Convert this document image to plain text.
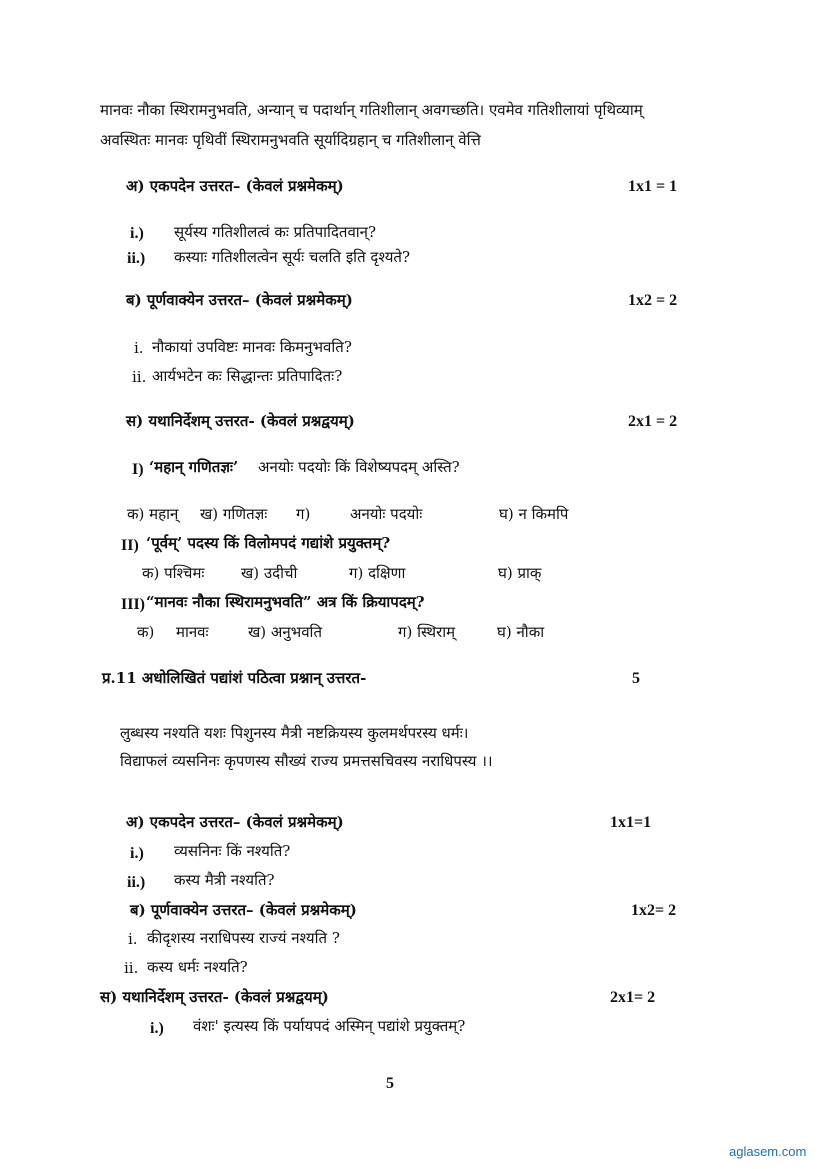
मानवः नौका स्थिरामनुभवति, अन्यान् च पदार्थान् गतिशीलान् अवगच्छति। एवमेव गतिशीलायां पृथिव्याम्
अवस्थितः मानवः पृथिवीं स्थिरामनुभवति सूर्यादिग्रहान् च गतिशीलान् वेत्ति
अ) एकपदेन उत्तरत– (केवलं प्रश्नमेकम्)	1x1 = 1
i.) सूर्यस्य गतिशीलत्वं कः प्रतिपादितवान्?
ii.) कस्याः गतिशीलत्वेन सूर्यः चलति इति दृश्यते?
ब) पूर्णवाक्येन उत्तरत– (केवलं प्रश्नमेकम्)	1x2 = 2
i. नौकायां उपविष्टः मानवः किमनुभवति?
ii. आर्यभटेन कः सिद्धान्तः प्रतिपादितः?
स) यथानिर्देशम् उत्तरत- (केवलं प्रश्नद्वयम्)	2x1 = 2
I) ‘महान् गणितज्ञः’ अनयोः पदयोः किं विशेष्यपदम् अस्ति?
क) महान् ख) गणितज्ञः ग)	अनयोः पदयोः	घ) न किमपि
II) ‘पूर्वम्’ पदस्य किं विलोमपदं गद्यांशे प्रयुक्तम्?
क) पश्चिमः ख) उदीची	ग) दक्षिणा	घ) प्राक्
III) “मानवः नौका स्थिरामनुभवति” अत्र किं क्रियापदम्?
क) मानवः	ख) अनुभवति	ग) स्थिराम्	घ) नौका
प्र.11 अधोलिखितं पद्यांशं पठित्वा प्रश्नान् उत्तरत-	5
लुब्धस्य नश्यति यशः पिशुनस्य मैत्री नष्टक्रियस्य कुलमर्थपरस्य धर्मः।
विद्याफलं व्यसनिनः कृपणस्य सौख्यं राज्य प्रमत्तसचिवस्य नराधिपस्य ।।
अ) एकपदेन उत्तरत– (केवलं प्रश्नमेकम्)	1x1=1
i.) व्यसनिनः किं नश्यति?
ii.) कस्य मैत्री नश्यति?
ब) पूर्णवाक्येन उत्तरत– (केवलं प्रश्नमेकम्)	1x2= 2
i. कीदृशस्य नराधिपस्य राज्यं नश्यति ?
ii. कस्य धर्मः नश्यति?
स) यथानिर्देशम् उत्तरत- (केवलं प्रश्नद्वयम्)	2x1= 2
i.) वंशः' इत्यस्य किं पर्यायपदं अस्मिन् पद्यांशे प्रयुक्तम्?
5
aglasem.com
